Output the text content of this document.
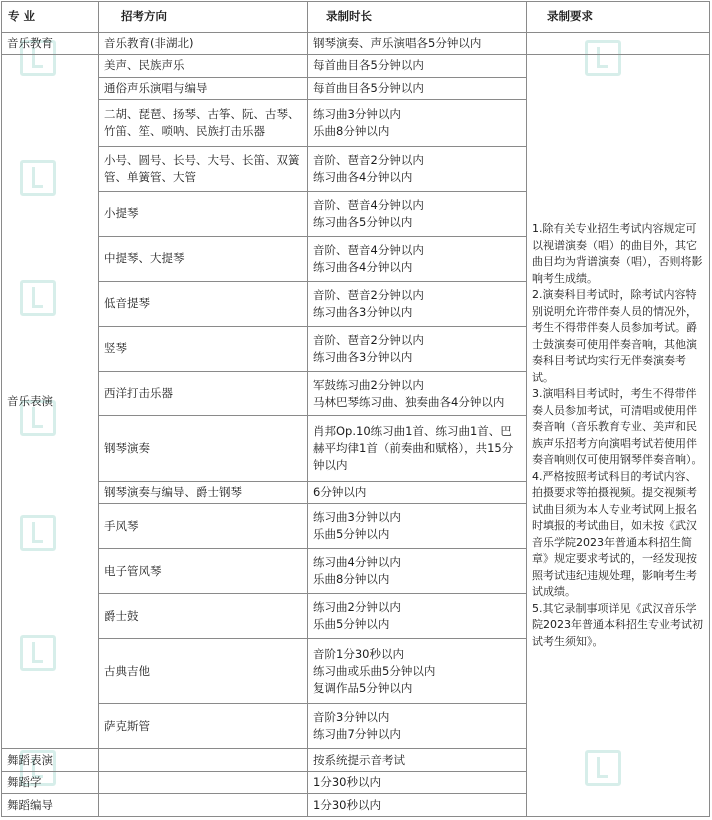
专 业	招考方向	录制时长	录制要求
音乐教育	音乐教育(非湖北)	钢琴演奏、声乐演唱各5分钟以内	

音乐表演	美声、民族声乐	每首曲目各5分钟以内	1.除有关专业招生考试内容规定可以视谱演奏（唱）的曲目外，其它曲目均为背谱演奏（唱），否则将影响考生成绩。
2.演奏科目考试时，除考试内容特别说明允许带伴奏人员的情况外，考生不得带伴奏人员参加考试。爵士鼓演奏可使用伴奏音响，其他演奏科目考试均实行无伴奏演奏考试。
3.演唱科目考试时，考生不得带伴奏人员参加考试，可清唱或使用伴奏音响（音乐教育专业、美声和民族声乐招考方向演唱考试若使用伴奏音响则仅可使用钢琴伴奏音响）。
4.严格按照考试科目的考试内容、拍摄要求等拍摄视频。提交视频考试曲目须为本人专业考试网上报名时填报的考试曲目，如未按《武汉音乐学院2023年普通本科招生简章》规定要求考试的，一经发现按照考试违纪违规处理，影响考生考试成绩。
5.其它录制事项详见《武汉音乐学院2023年普通本科招生专业考试初试考生须知》。

	通俗声乐演唱与编导	每首曲目各5分钟以内	

	二胡、琵琶、扬琴、古筝、阮、古琴、竹笛、笙、唢呐、民族打击乐器	练习曲3分钟以内
乐曲8分钟以内	

	小号、圆号、长号、大号、长笛、双簧管、单簧管、大管	音阶、琶音2分钟以内
练习曲各4分钟以内	

	小提琴	音阶、琶音4分钟以内
练习曲各5分钟以内	

	中提琴、大提琴	音阶、琶音4分钟以内
练习曲各4分钟以内	

	低音提琴	音阶、琶音2分钟以内
练习曲各3分钟以内	

	竖琴	音阶、琶音2分钟以内
练习曲各3分钟以内	

	西洋打击乐器	军鼓练习曲2分钟以内
马林巴琴练习曲、独奏曲各4分钟以内	

	钢琴演奏	肖邦Op.10练习曲1首、练习曲1首、巴赫平均律1首（前奏曲和赋格），共15分钟以内	

	钢琴演奏与编导、爵士钢琴	6分钟以内	

	手风琴	练习曲3分钟以内
乐曲5分钟以内	

	电子管风琴	练习曲4分钟以内
乐曲8分钟以内	

	爵士鼓	练习曲2分钟以内
乐曲5分钟以内	

	古典吉他	音阶1分30秒以内
练习曲或乐曲5分钟以内
复调作品5分钟以内	

	萨克斯管	音阶3分钟以内
练习曲7分钟以内	

舞蹈表演		按系统提示音考试	

舞蹈学		1分30秒以内	

舞蹈编导		1分30秒以内	
